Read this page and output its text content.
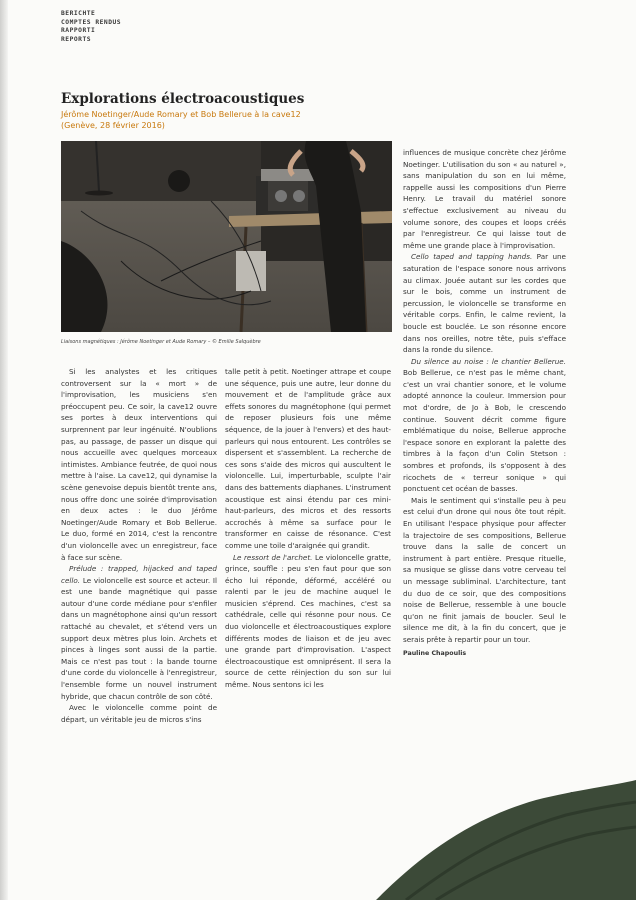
BERICHTE
COMPTES RENDUS
RAPPORTI
REPORTS
Explorations électroacoustiques
Jérôme Noetinger/Aude Romary et Bob Bellerue à la cave12
(Genève, 28 février 2016)
Liaisons magnétiques : Jérôme Noetinger et Aude Romary – © Emilie Salquèbre

Si les analystes et les critiques controversent sur la « mort » de l'improvisation, les musiciens s'en préoccupent peu. Ce soir, la cave12 ouvre ses portes à deux interventions qui surprennent par leur ingénuité. N'oublions pas, au passage, de passer un disque qui nous accueille avec quelques morceaux intimistes. Ambiance feutrée, de quoi nous mettre à l'aise. La cave12, qui dynamise la scène genevoise depuis bientôt trente ans, nous offre donc une soirée d'improvisation en deux actes : le duo Jérôme Noetinger/Aude Romary et Bob Bellerue. Le duo, formé en 2014, c'est la rencontre d'un violoncelle avec un enregistreur, face à face sur scène.

Prélude : trapped, hijacked and taped cello. Le violoncelle est source et acteur. Il est une bande magnétique qui passe autour d'une corde médiane pour s'enfiler dans un magnétophone ainsi qu'un ressort rattaché au chevalet, et s'étend vers un support deux mètres plus loin. Archets et pinces à linges sont aussi de la partie. Mais ce n'est pas tout : la bande tourne d'une corde du violoncelle à l'enregistreur, l'ensemble forme un nouvel instrument hybride, que chacun contrôle de son côté.

Avec le violoncelle comme point de départ, un véritable jeu de micros s'ins

talle petit à petit. Noetinger attrape et coupe une séquence, puis une autre, leur donne du mouvement et de l'amplitude grâce aux effets sonores du magnétophone (qui permet de reposer plusieurs fois une même séquence, de la jouer à l'envers) et des haut-parleurs qui nous entourent. Les contrôles se dispersent et s'assemblent. La recherche de ces sons s'aide des micros qui auscultent le violoncelle. Lui, imperturbable, sculpte l'air dans des battements diaphanes. L'instrument acoustique est ainsi étendu par ces mini-haut-parleurs, des micros et des ressorts accrochés à même sa surface pour le transformer en caisse de résonance. C'est comme une toile d'araignée qui grandit.

Le ressort de l'archet. Le violoncelle gratte, grince, souffle : peu s'en faut pour que son écho lui réponde, déformé, accéléré ou ralenti par le jeu de machine auquel le musicien s'éprend. Ces machines, c'est sa cathédrale, celle qui résonne pour nous. Ce duo violoncelle et électroacoustiques explore différents modes de liaison et de jeu avec une grande part d'improvisation. L'aspect électroacoustique est omniprésent. Il sera la source de cette réinjection du son sur lui même. Nous sentons ici les

influences de musique concrète chez Jérôme Noetinger. L'utilisation du son « au naturel », sans manipulation du son en lui même, rappelle aussi les compositions d'un Pierre Henry. Le travail du matériel sonore s'effectue exclusivement au niveau du volume sonore, des coupes et loops créés par l'enregistreur. Ce qui laisse tout de même une grande place à l'improvisation.

Cello taped and tapping hands. Par une saturation de l'espace sonore nous arrivons au climax. Jouée autant sur les cordes que sur le bois, comme un instrument de percussion, le violoncelle se transforme en véritable corps. Enfin, le calme revient, la boucle est bouclée. Le son résonne encore dans nos oreilles, notre tête, puis s'efface dans la ronde du silence.

Du silence au noise : le chantier Bellerue. Bob Bellerue, ce n'est pas le même chant, c'est un vrai chantier sonore, et le volume adopté annonce la couleur. Immersion pour mot d'ordre, de Jo à Bob, le crescendo continue. Souvent décrit comme figure emblématique du noise, Bellerue approche l'espace sonore en explorant la palette des timbres à la façon d'un Colin Stetson : sombres et profonds, ils s'opposent à des ricochets de « terreur sonique » qui ponctuent cet océan de basses.

Mais le sentiment qui s'installe peu à peu est celui d'un drone qui nous ôte tout répit. En utilisant l'espace physique pour affecter la trajectoire de ses compositions, Bellerue trouve dans la salle de concert un instrument à part entière. Presque rituelle, sa musique se glisse dans votre cerveau tel un message subliminal. L'architecture, tant du duo de ce soir, que des compositions noise de Bellerue, ressemble à une boucle qu'on ne finit jamais de boucler. Seul le silence me dit, à la fin du concert, que je serais prête à repartir pour un tour.

Pauline Chapoulis
